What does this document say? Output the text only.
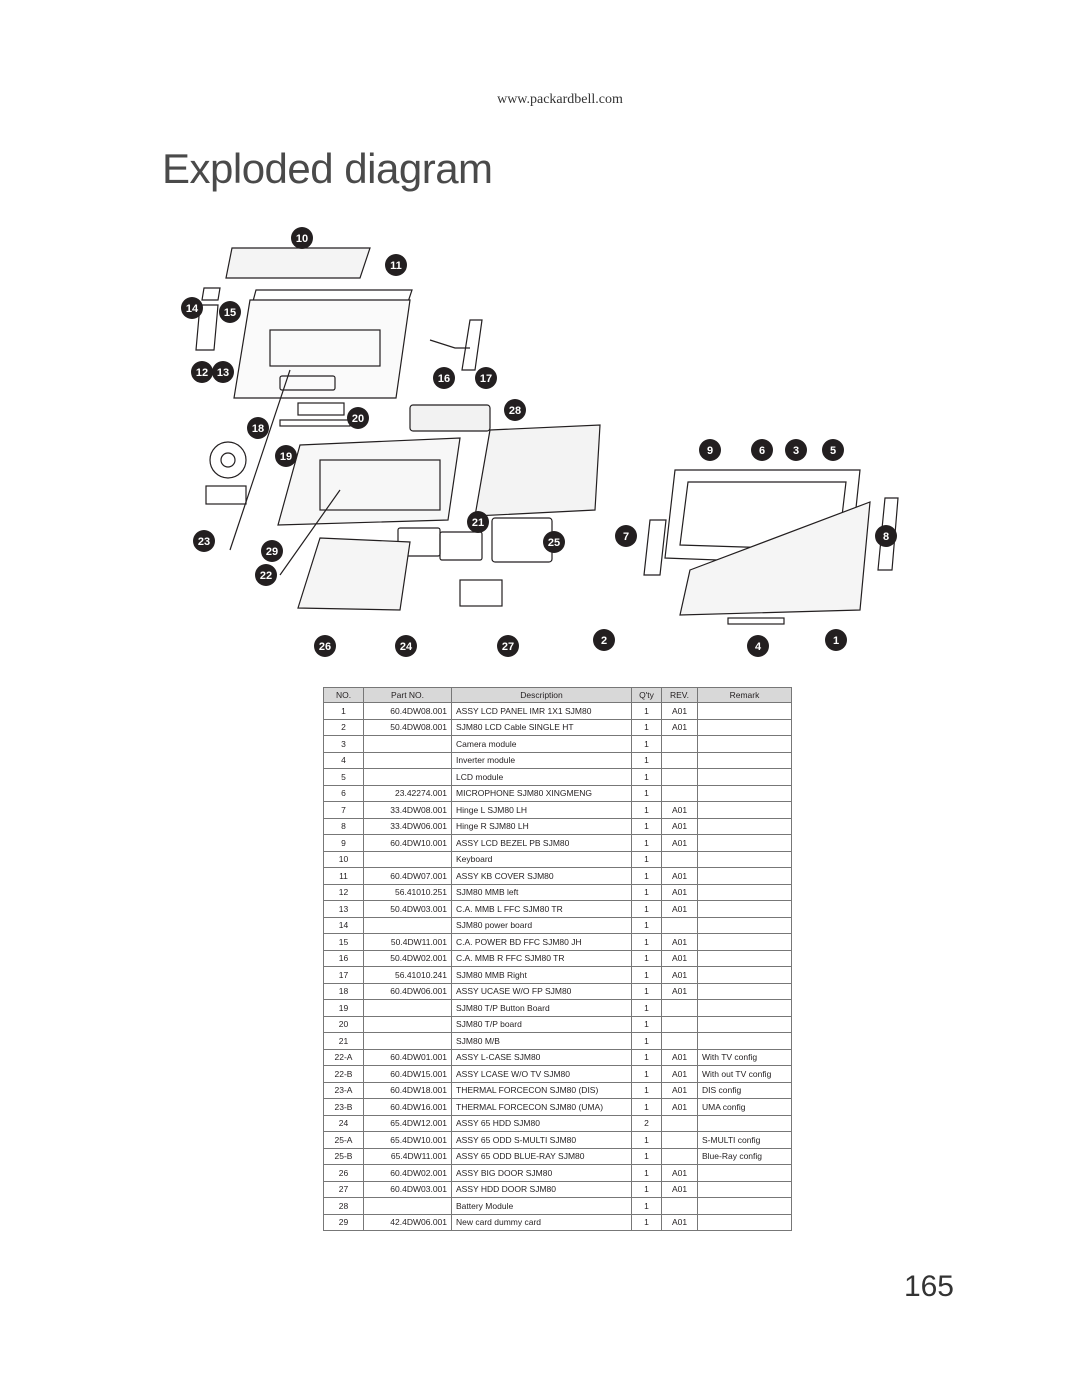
www.packardbell.com
Exploded diagram
10
11
14 15
12 13	16	17
18
20
28
19	9	6	3	5
7
21
23
29
25
22
26	24	27	2	4	1
8
NO.	Part NO.	Description	Q'ty	REV.	Remark
1	60.4DW08.001	ASSY LCD PANEL IMR 1X1 SJM80	1	A01	
2	50.4DW08.001	SJM80 LCD Cable SINGLE HT	1	A01	
3		Camera module	1		
4		Inverter module	1		
5		LCD module	1		
6	23.42274.001	MICROPHONE SJM80 XINGMENG	1		
7	33.4DW08.001	Hinge L SJM80 LH	1	A01	
8	33.4DW06.001	Hinge R SJM80 LH	1	A01	
9	60.4DW10.001	ASSY LCD BEZEL PB SJM80	1	A01	
10		Keyboard	1		
11	60.4DW07.001	ASSY KB COVER SJM80	1	A01	
12	56.41010.251	SJM80 MMB left	1	A01	
13	50.4DW03.001	C.A. MMB L FFC SJM80 TR	1	A01	
14		SJM80 power board	1		
15	50.4DW11.001	C.A. POWER BD FFC SJM80 JH	1	A01	
16	50.4DW02.001	C.A. MMB R FFC SJM80 TR	1	A01	
17	56.41010.241	SJM80 MMB Right	1	A01	
18	60.4DW06.001	ASSY UCASE W/O FP SJM80	1	A01	
19		SJM80 T/P Button Board	1		
20		SJM80 T/P board	1		
21		SJM80 M/B	1		
22-A	60.4DW01.001	ASSY L-CASE SJM80	1	A01	With TV config
22-B	60.4DW15.001	ASSY LCASE W/O TV SJM80	1	A01	With out TV config
23-A	60.4DW18.001	THERMAL FORCECON SJM80 (DIS)	1	A01	DIS config
23-B	60.4DW16.001	THERMAL FORCECON SJM80 (UMA)	1	A01	UMA config
24	65.4DW12.001	ASSY 65 HDD SJM80	2		
25-A	65.4DW10.001	ASSY 65 ODD S-MULTI SJM80	1		S-MULTI config
25-B	65.4DW11.001	ASSY 65 ODD BLUE-RAY SJM80	1		Blue-Ray config
26	60.4DW02.001	ASSY BIG DOOR SJM80	1	A01	
27	60.4DW03.001	ASSY HDD DOOR SJM80	1	A01	
28		Battery Module	1		
29	42.4DW06.001	New card dummy card	1	A01	
165
